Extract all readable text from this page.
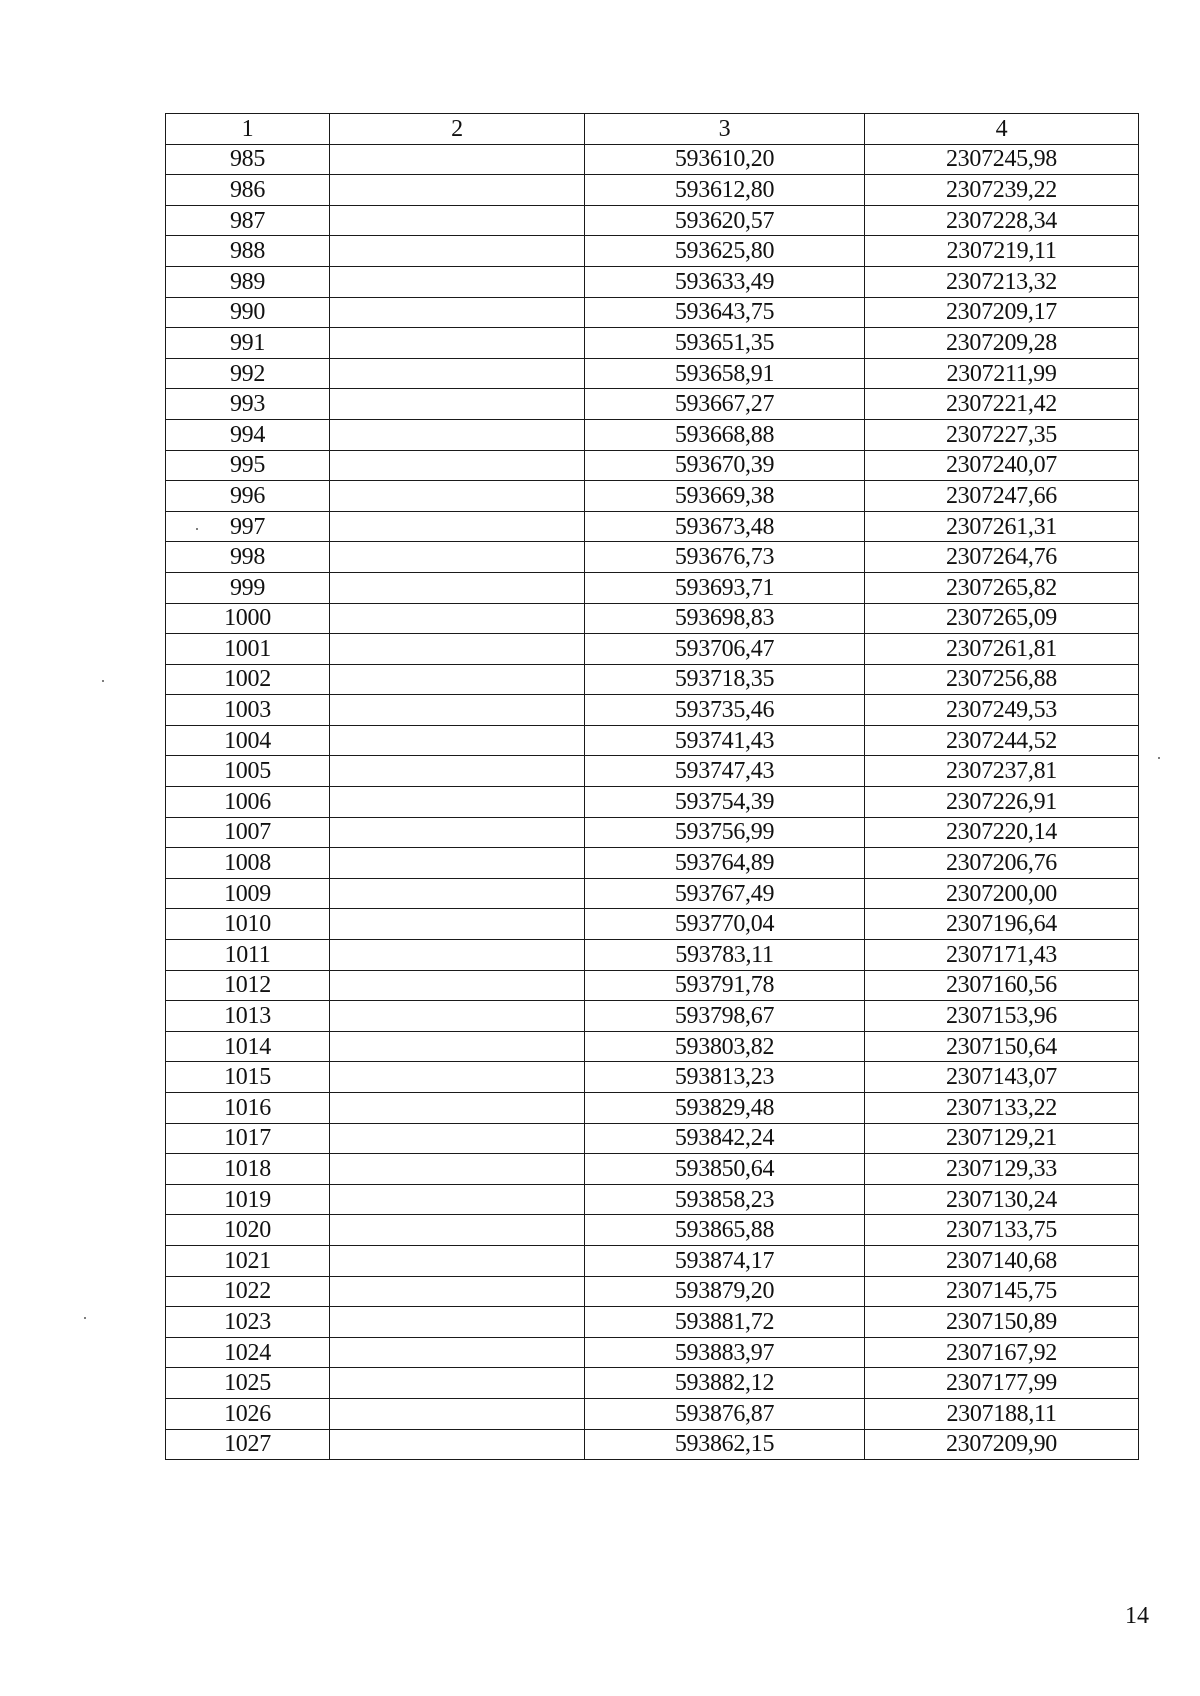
1	2	3	4
985		593610,20	2307245,98
986		593612,80	2307239,22
987		593620,57	2307228,34
988		593625,80	2307219,11
989		593633,49	2307213,32
990		593643,75	2307209,17
991		593651,35	2307209,28
992		593658,91	2307211,99
993		593667,27	2307221,42
994		593668,88	2307227,35
995		593670,39	2307240,07
996		593669,38	2307247,66
997		593673,48	2307261,31
998		593676,73	2307264,76
999		593693,71	2307265,82
1000		593698,83	2307265,09
1001		593706,47	2307261,81
1002		593718,35	2307256,88
1003		593735,46	2307249,53
1004		593741,43	2307244,52
1005		593747,43	2307237,81
1006		593754,39	2307226,91
1007		593756,99	2307220,14
1008		593764,89	2307206,76
1009		593767,49	2307200,00
1010		593770,04	2307196,64
1011		593783,11	2307171,43
1012		593791,78	2307160,56
1013		593798,67	2307153,96
1014		593803,82	2307150,64
1015		593813,23	2307143,07
1016		593829,48	2307133,22
1017		593842,24	2307129,21
1018		593850,64	2307129,33
1019		593858,23	2307130,24
1020		593865,88	2307133,75
1021		593874,17	2307140,68
1022		593879,20	2307145,75
1023		593881,72	2307150,89
1024		593883,97	2307167,92
1025		593882,12	2307177,99
1026		593876,87	2307188,11
1027		593862,15	2307209,90
14
